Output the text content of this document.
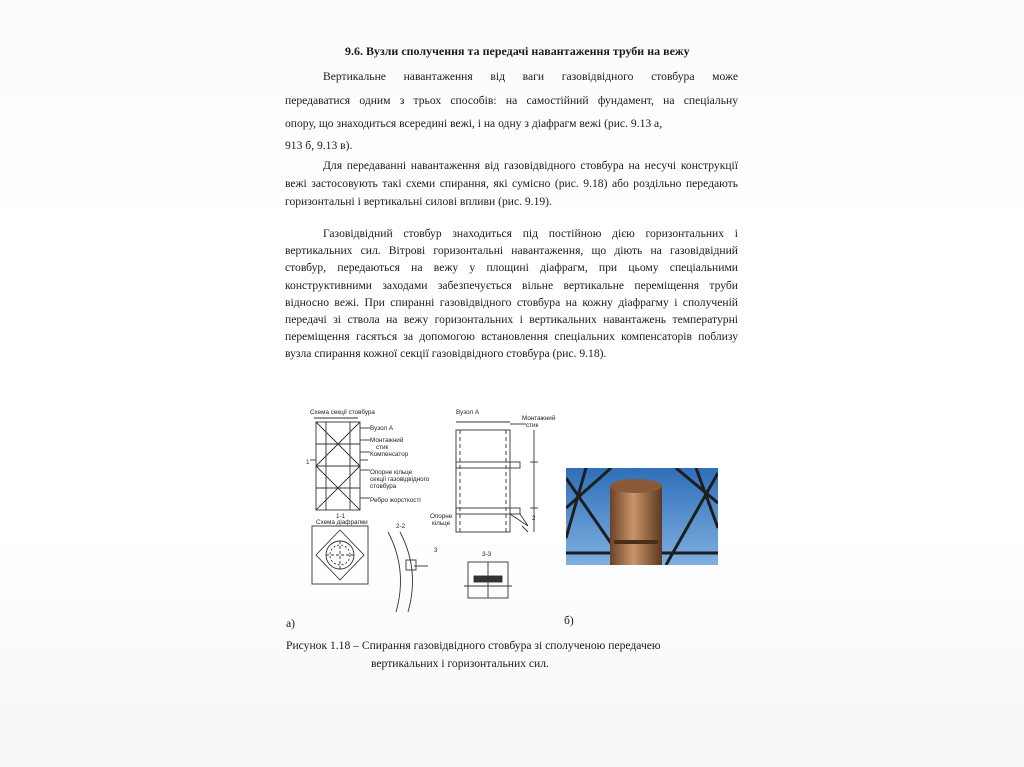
9.6. Вузли сполучення та передачі навантаження труби на вежу
Вертикальне навантаження від ваги газовідвідного стовбура може
передаватися одним з трьох способів: на самостійний фундамент, на спеціальну
опору, що знаходиться всередині вежі, і на одну з діафрагм вежі (рис. 9.13 а,
913 б, 9.13 в).

Для передаванні навантаження від газовідвідного стовбура на несучі конструкції вежі застосовують такі схеми спирання, які сумісно (рис. 9.18) або роздільно передають горизонтальні і вертикальні силові впливи (рис. 9.19).

Газовідвідний стовбур знаходиться під постійною дією горизонтальних і вертикальних сил. Вітрові горизонтальні навантаження, що діють на газовідвідний стовбур, передаються на вежу у площині діафрагм, при цьому спеціальними конструктивними заходами забезпечується вільне вертикальне переміщення труби відносно вежі. При спиранні газовідвідного стовбура на кожну діафрагму і сполученій передачі зі ствола на вежу горизонтальних і вертикальних навантажень температурні переміщення гасяться за допомогою встановлення спеціальних компенсаторів поблизу вузла спирання кожної секції газовідвідного стовбура (рис. 9.18).

Схема секції стовбура
Вузол А
Монтажний
стик
Компенсатор
Опорне кільце
секції газовідвідного
стовбура
Ребро жорсткості
1-1
Схема діафрагми
2-2
1
Вузол А
Монтажний
стик
Опорне
кільце
3-3
2
3
а)	б)
Рисунок 1.18 – Спирання газовідвідного стовбура зі сполученою передачею
вертикальних і горизонтальних сил.
